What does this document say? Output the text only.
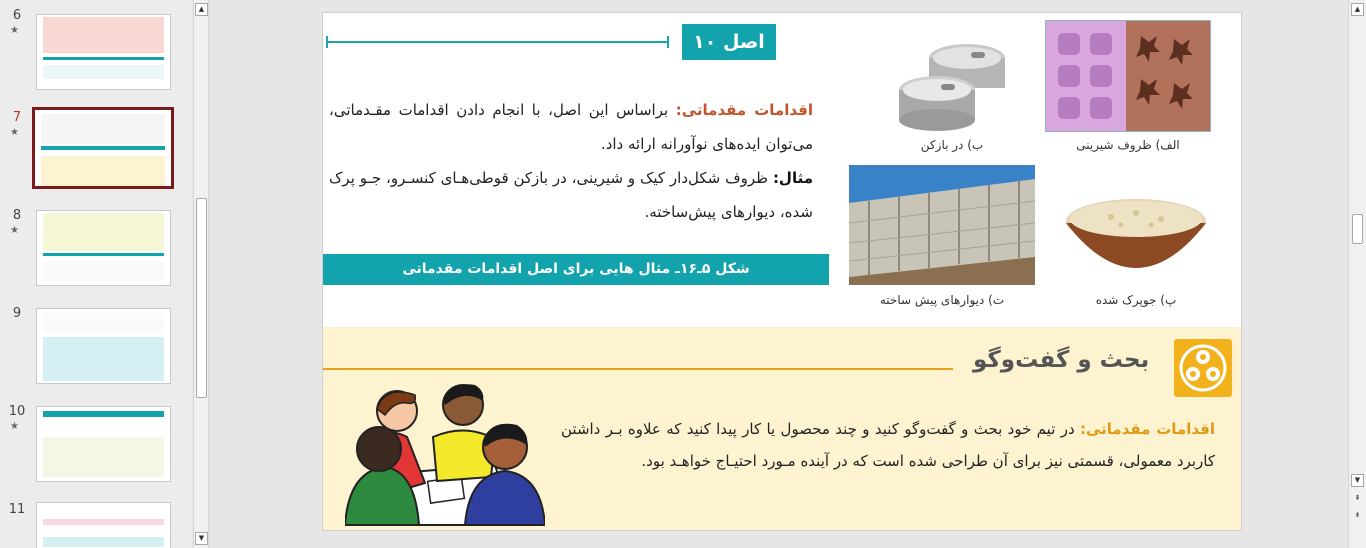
6
★
7
★
8
★
9
10
★
11
▲
▼
اصل ۱۰
اقدامات مقدماتی: براساس این اصل، با انجام دادن اقدامات مقـدماتی، می‌توان ایده‌های نوآورانه ارائه داد.
مثال: ظروف شکل‌دار کیک و شیرینی، در بازکن قوطی‌هـای کنسـرو، جـو پرک شده، دیوارهای پیش‌ساخته.
شکل ۵ـ۱۶ـ مثال هایی برای اصل اقدامات مقدماتی
الف) ظروف شیرینی
ب) در بازکن
پ) جوپرک شده
ت) دیوارهای پیش ساخته
بحث و گفت‌وگو
اقدامات مقدماتی: در تیم خود بحث و گفت‌وگو کنید و چند محصول یا کار پیدا کنید که علاوه بـر داشتن کاربرد معمولی، قسمتی نیز برای آن طراحی شده است که در آینده مـورد احتیـاج خواهـد بود.
▲
▼
⇞
⇟
